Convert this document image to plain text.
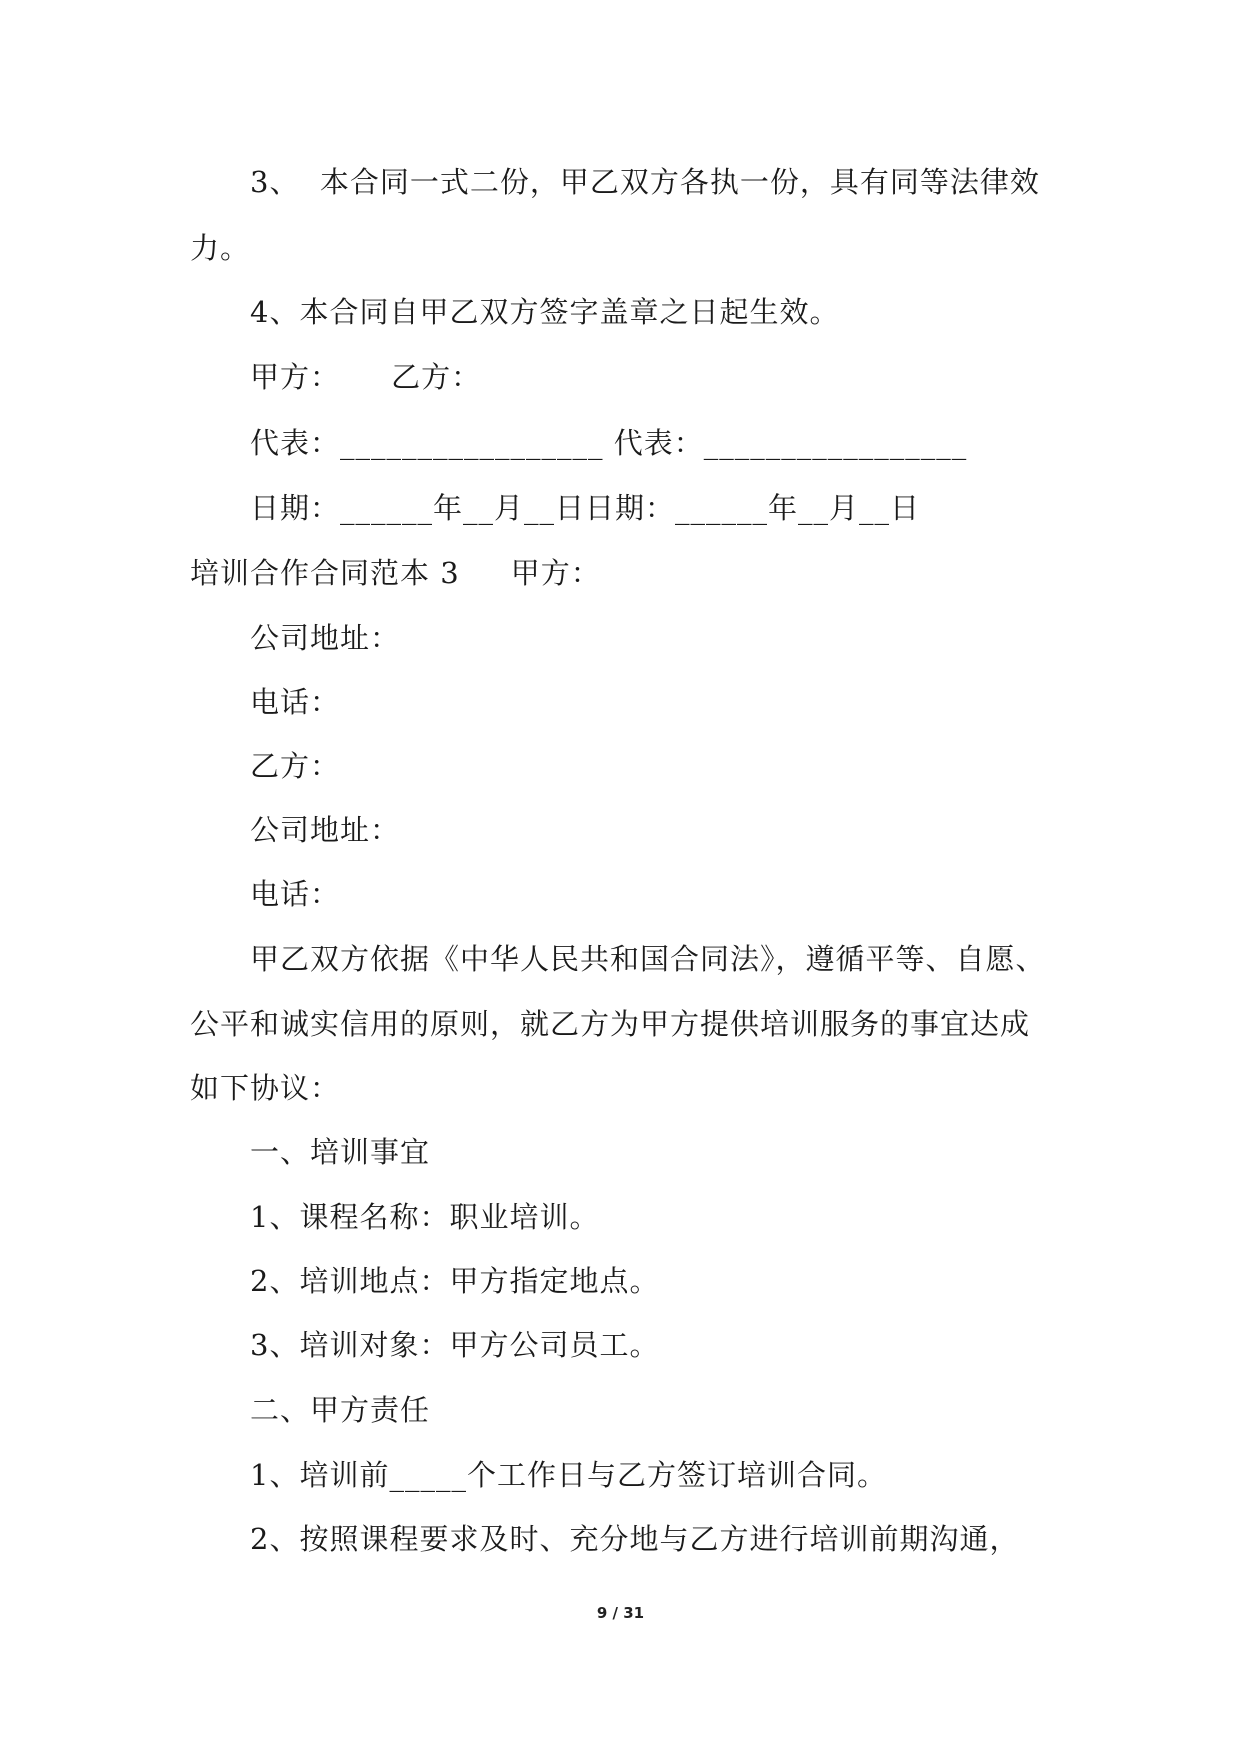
3、  本合同一式二份，甲乙双方各执一份，具有同等法律效
力。
4、本合同自甲乙双方签字盖章之日起生效。
甲方：     乙方：
代表：_________________ 代表：_________________
日期：______年__月__日日期：______年__月__日
培训合作合同范本 3     甲方：
公司地址：
电话：
乙方：
公司地址：
电话：
甲乙双方依据《中华人民共和国合同法》，遵循平等、自愿、
公平和诚实信用的原则，就乙方为甲方提供培训服务的事宜达成
如下协议：
一、培训事宜
1、课程名称：职业培训。
2、培训地点：甲方指定地点。
3、培训对象：甲方公司员工。
二、甲方责任
1、培训前_____个工作日与乙方签订培训合同。
2、按照课程要求及时、充分地与乙方进行培训前期沟通，
9 / 31
